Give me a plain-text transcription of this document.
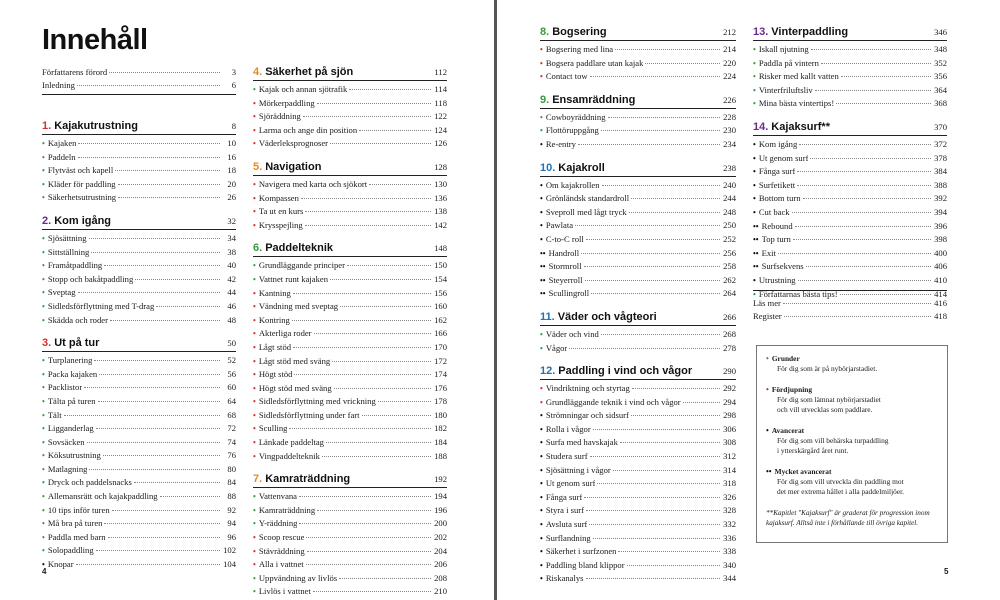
Innehåll
Författarens förord	3
Inledning	6
1. Kajakutrustning	8
• Kajaken	10
• Paddeln	16
• Flytväst och kapell	18
• Kläder för paddling	20
• Säkerhetsutrustning	26
2. Kom igång	32
• Sjösättning	34
• Sittställning	38
• Framåtpaddling	40
• Stopp och bakåtpaddling	42
• Sveptag	44
• Sidledsförflyttning med T-drag	46
• Skädda och roder	48
3. Ut på tur	50
• Turplanering	52
• Packa kajaken	56
• Packlistor	60
• Tälta på turen	64
• Tält	68
• Ligganderlag	72
• Sovsäcken	74
• Köksutrustning	76
• Matlagning	80
• Dryck och paddelsnacks	84
• Allemansrätt och kajakpaddling	88
• 10 tips inför turen	92
• Må bra på turen	94
• Paddla med barn	96
• Solopaddling	102
• Knopar	104
4. Säkerhet på sjön	112
• Kajak och annan sjötrafik	114
• Mörkerpaddling	118
• Sjöräddning	122
• Larma och ange din position	124
• Väderleksprognoser	126
5. Navigation	128
• Navigera med karta och sjökort	130
• Kompassen	136
• Ta ut en kurs	138
• Krysspejling	142
6. Paddelteknik	148
• Grundläggande principer	150
• Vattnet runt kajaken	154
• Kantning	156
• Vändning med sveptag	160
• Kontring	162
• Akterliga roder	166
• Lågt stöd	170
• Lågt stöd med sväng	172
• Högt stöd	174
• Högt stöd med sväng	176
• Sidledsförflyttning med vrickning	178
• Sidledsförflyttning under fart	180
• Sculling	182
• Länkade paddeltag	184
• Vingpaddelteknik	188
7. Kamraträddning	192
• Vattenvana	194
• Kamraträddning	196
• Y-räddning	200
• Scoop rescue	202
• Stävräddning	204
• Alla i vattnet	206
• Uppvändning av livlös	208
• Livlös i vattnet	210
8. Bogsering	212
• Bogsering med lina	214
• Bogsera paddlare utan kajak	220
• Contact tow	224
9. Ensamräddning	226
• Cowboyräddning	228
• Flottöruppgång	230
• Re-entry	234
10. Kajakroll	238
• Om kajakrollen	240
• Grönländsk standardroll	244
• Sveproll med lågt tryck	248
• Pawlata	250
• C-to-C roll	252
•• Handroll	256
•• Stormroll	258
•• Steyerroll	262
•• Scullingroll	264
11. Väder och vågteori	266
• Väder och vind	268
• Vågor	278
12. Paddling i vind och vågor	290
• Vindriktning och styrtag	292
• Grundläggande teknik i vind och vågor	294
• Strömningar och sidsurf	298
• Rolla i vågor	306
• Surfa med havskajak	308
• Studera surf	312
• Sjösättning i vågor	314
• Ut genom surf	318
• Fånga surf	326
• Styra i surf	328
• Avsluta surf	332
• Surflandning	336
• Säkerhet i surfzonen	338
• Paddling bland klippor	340
• Riskanalys	344
13. Vinterpaddling	346
• Iskall njutning	348
• Paddla på vintern	352
• Risker med kallt vatten	356
• Vinterfriluftsliv	364
• Mina bästa vintertips!	368
14. Kajaksurf**	370
• Kom igång	372
• Ut genom surf	378
• Fånga surf	384
• Surfetikett	388
• Bottom turn	392
• Cut back	394
•• Rebound	396
•• Top turn	398
•• Exit	400
•• Surfsekvens	406
• Utrustning	410
• Författarnas bästa tips!	414
Läs mer	416
Register	418
• Grunder
För dig som är på nybörjarstadiet.
• Fördjupning
För dig som lämnat nybörjarstadiet
och vill utvecklas som paddlare.
• Avancerat
För dig som vill behärska turpaddling
i ytterskärgård året runt.
•• Mycket avancerat
För dig som vill utveckla din paddling mot
det mer extrema hållet i alla paddelmiljöer.
**Kapitlet "Kajaksurf" är graderat för progression inom kajaksurf. Alltså inte i förhållande till övriga kapitel.
4	5
